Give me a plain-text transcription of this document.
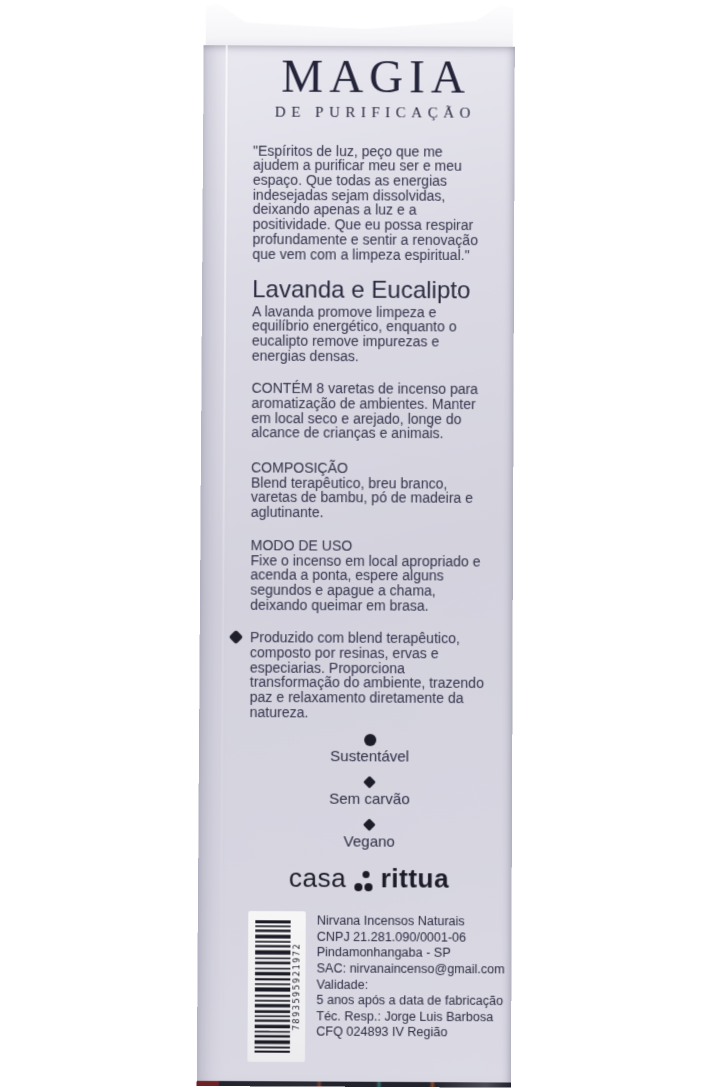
MAGIA
DE PURIFICAÇÃO
"Espíritos de luz, peço que me ajudem a purificar meu ser e meu espaço. Que todas as energias indesejadas sejam dissolvidas, deixando apenas a luz e a positividade. Que eu possa respirar profundamente e sentir a renovação que vem com a limpeza espiritual."
Lavanda e Eucalipto
A lavanda promove limpeza e equilíbrio energético, enquanto o eucalipto remove impurezas e energias densas.
CONTÉM 8 varetas de incenso para aromatização de ambientes. Manter em local seco e arejado, longe do alcance de crianças e animais.
COMPOSIÇÃO
Blend terapêutico, breu branco, varetas de bambu, pó de madeira e aglutinante.
MODO DE USO
Fixe o incenso em local apropriado e acenda a ponta, espere alguns segundos e apague a chama, deixando queimar em brasa.
Produzido com blend terapêutico, composto por resinas, ervas e especiarias. Proporciona transformação do ambiente, trazendo paz e relaxamento diretamente da natureza.
Sustentável
Sem carvão
Vegano
casa rittua
7893595921972
Nirvana Incensos Naturais
CNPJ 21.281.090/0001-06
Pindamonhangaba - SP
SAC: nirvanaincenso@gmail.com
Validade:
5 anos após a data de fabricação
Téc. Resp.: Jorge Luis Barbosa
CFQ 024893 IV Região
